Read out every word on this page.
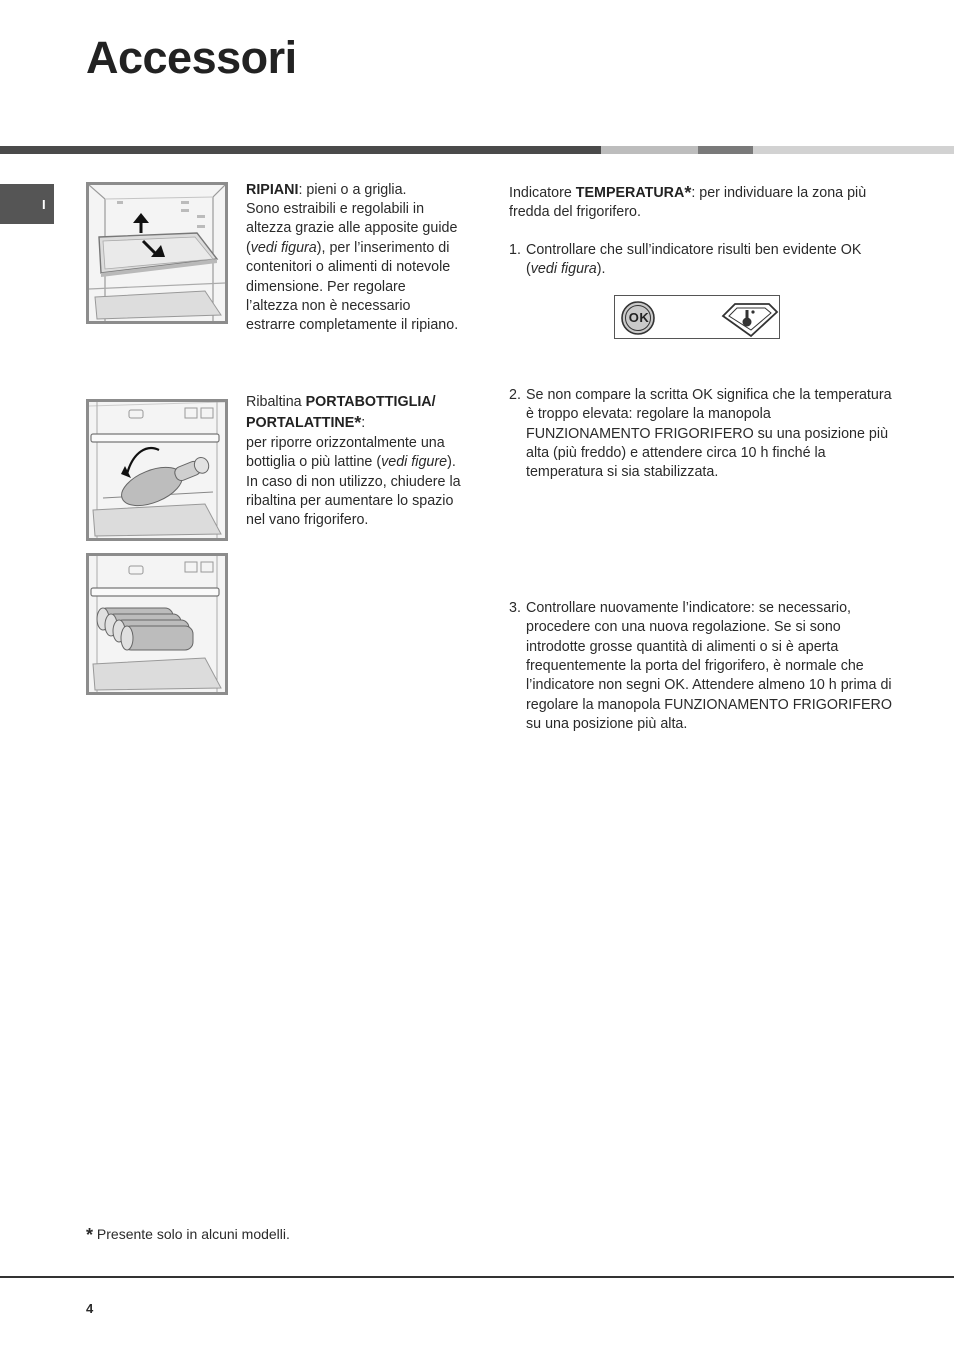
Accessori
I
RIPIANI: pieni o a griglia.
Sono estraibili e regolabili in altezza grazie alle apposite guide (vedi figura), per l’inserimento di contenitori o alimenti di notevole dimensione. Per regolare l’altezza non è necessario estrarre completamente il ripiano.

Ribaltina PORTABOTTIGLIA/

PORTALATTINE*:

per riporre orizzontalmente una bottiglia o più lattine (vedi figure). In caso di non utilizzo, chiudere la ribaltina per aumentare lo spazio nel vano frigorifero.

Indicatore TEMPERATURA*: per individuare la zona più fredda del frigorifero.
1. Controllare che sull’indicatore risulti ben evidente OK (vedi figura).
OK
2. Se non compare la scritta OK significa che la temperatura è troppo elevata: regolare la manopola FUNZIONAMENTO FRIGORIFERO su una posizione più alta (più freddo) e attendere circa 10 h finché la temperatura si sia stabilizzata.
3. Controllare nuovamente l’indicatore: se necessario, procedere con una nuova regolazione. Se si sono introdotte grosse quantità di alimenti o si è aperta frequentemente la porta del frigorifero, è normale che l’indicatore non segni OK. Attendere almeno 10 h prima di regolare la manopola FUNZIONAMENTO FRIGORIFERO su una posizione più alta.
* Presente solo in alcuni modelli.
4
